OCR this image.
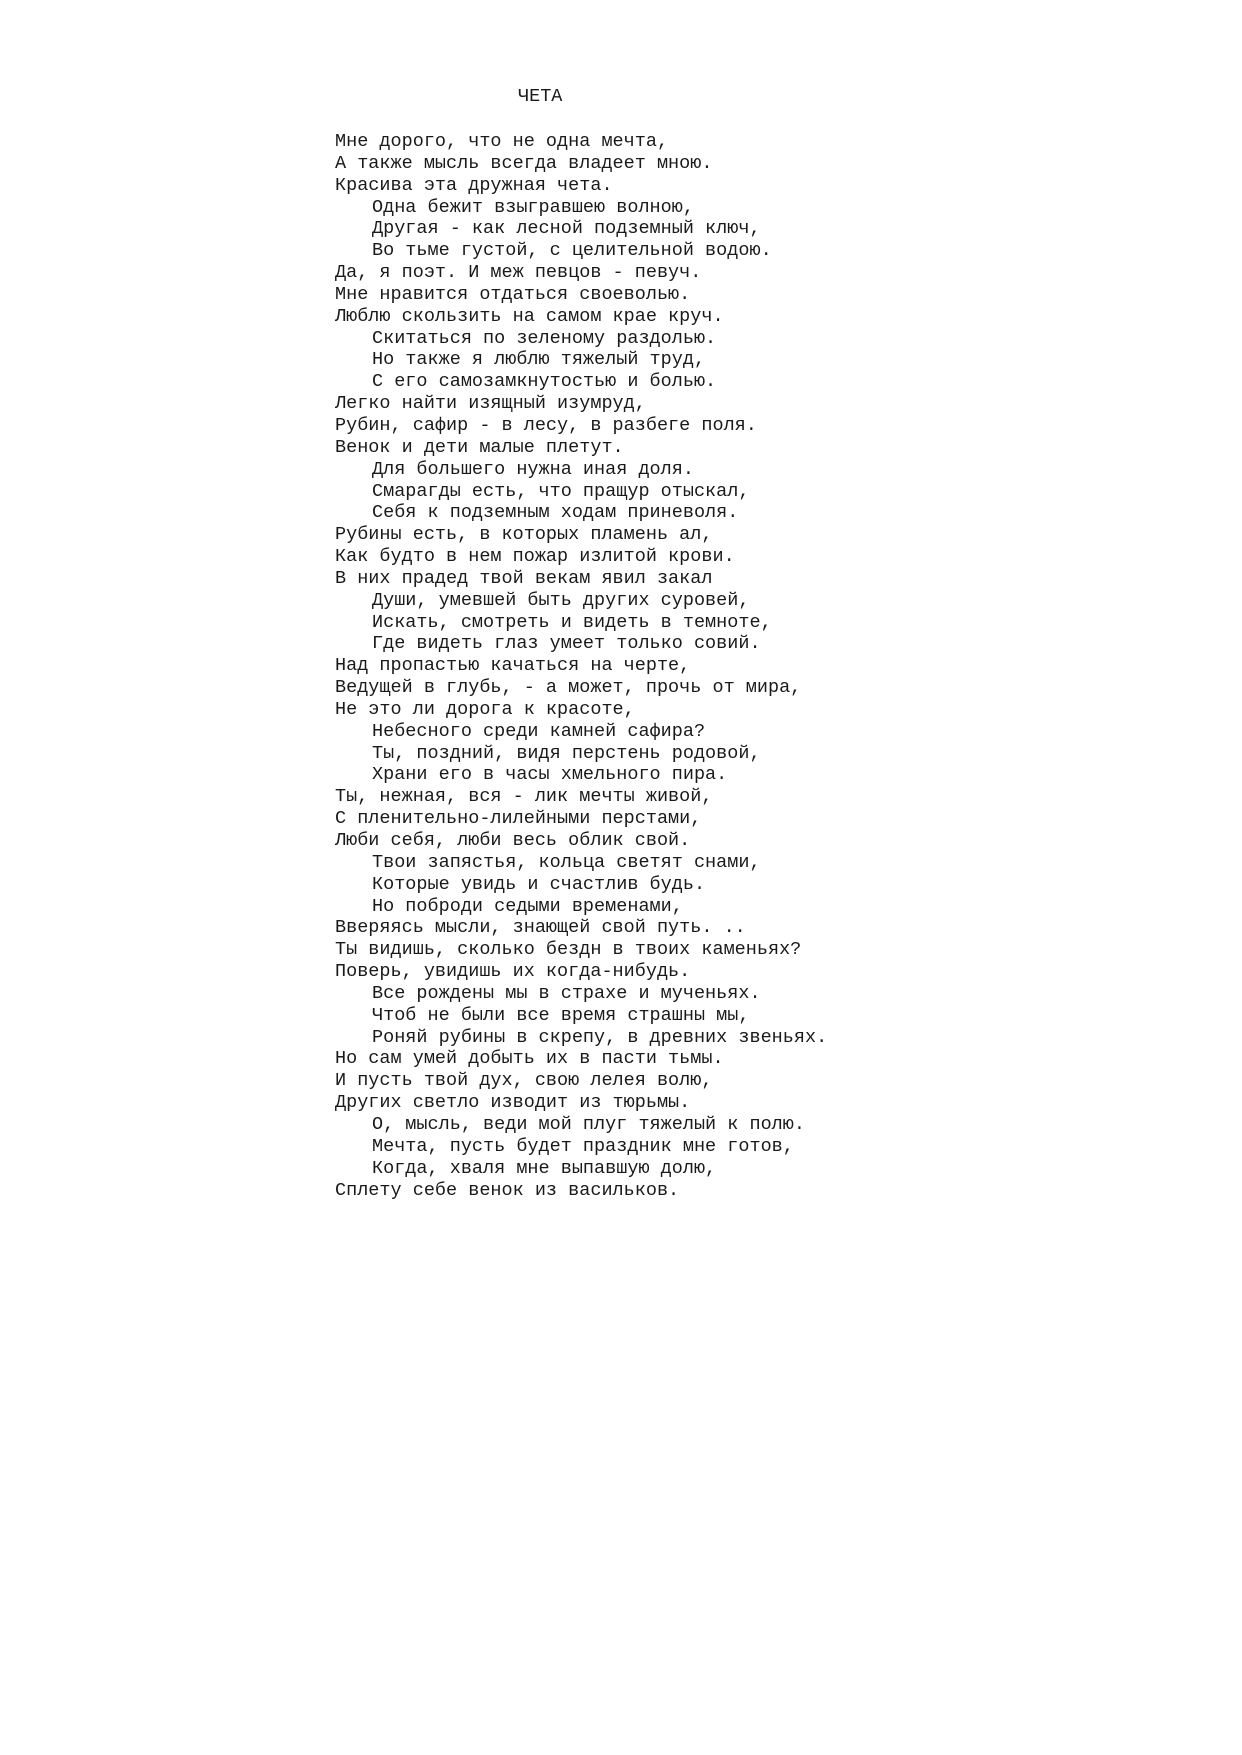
ЧЕТА
Мне дорого, что не одна мечта,
А также мысль всегда владеет мною.
Красива эта дружная чета.
Одна бежит взыгравшею волною,
Другая - как лесной подземный ключ,
Во тьме густой, с целительной водою.
Да, я поэт. И меж певцов - певуч.
Мне нравится отдаться своеволью.
Люблю скользить на самом крае круч.
Скитаться по зеленому раздолью.
Но также я люблю тяжелый труд,
С его самозамкнутостью и болью.
Легко найти изящный изумруд,
Рубин, сафир - в лесу, в разбеге поля.
Венок и дети малые плетут.
Для большего нужна иная доля.
Смарагды есть, что пращур отыскал,
Себя к подземным ходам приневоля.
Рубины есть, в которых пламень ал,
Как будто в нем пожар излитой крови.
В них прадед твой векам явил закал
Души, умевшей быть других суровей,
Искать, смотреть и видеть в темноте,
Где видеть глаз умеет только совий.
Над пропастью качаться на черте,
Ведущей в глубь, - а может, прочь от мира,
Не это ли дорога к красоте,
Небесного среди камней сафира?
Ты, поздний, видя перстень родовой,
Храни его в часы хмельного пира.
Ты, нежная, вся - лик мечты живой,
С пленительно-лилейными перстами,
Люби себя, люби весь облик свой.
Твои запястья, кольца светят снами,
Которые увидь и счастлив будь.
Но поброди седыми временами,
Вверяясь мысли, знающей свой путь. ..
Ты видишь, сколько бездн в твоих каменьях?
Поверь, увидишь их когда-нибудь.
Все рождены мы в страхе и мученьях.
Чтоб не были все время страшны мы,
Роняй рубины в скрепу, в древних звеньях.
Но сам умей добыть их в пасти тьмы.
И пусть твой дух, свою лелея волю,
Других светло изводит из тюрьмы.
О, мысль, веди мой плуг тяжелый к полю.
Мечта, пусть будет праздник мне готов,
Когда, хваля мне выпавшую долю,
Сплету себе венок из васильков.
